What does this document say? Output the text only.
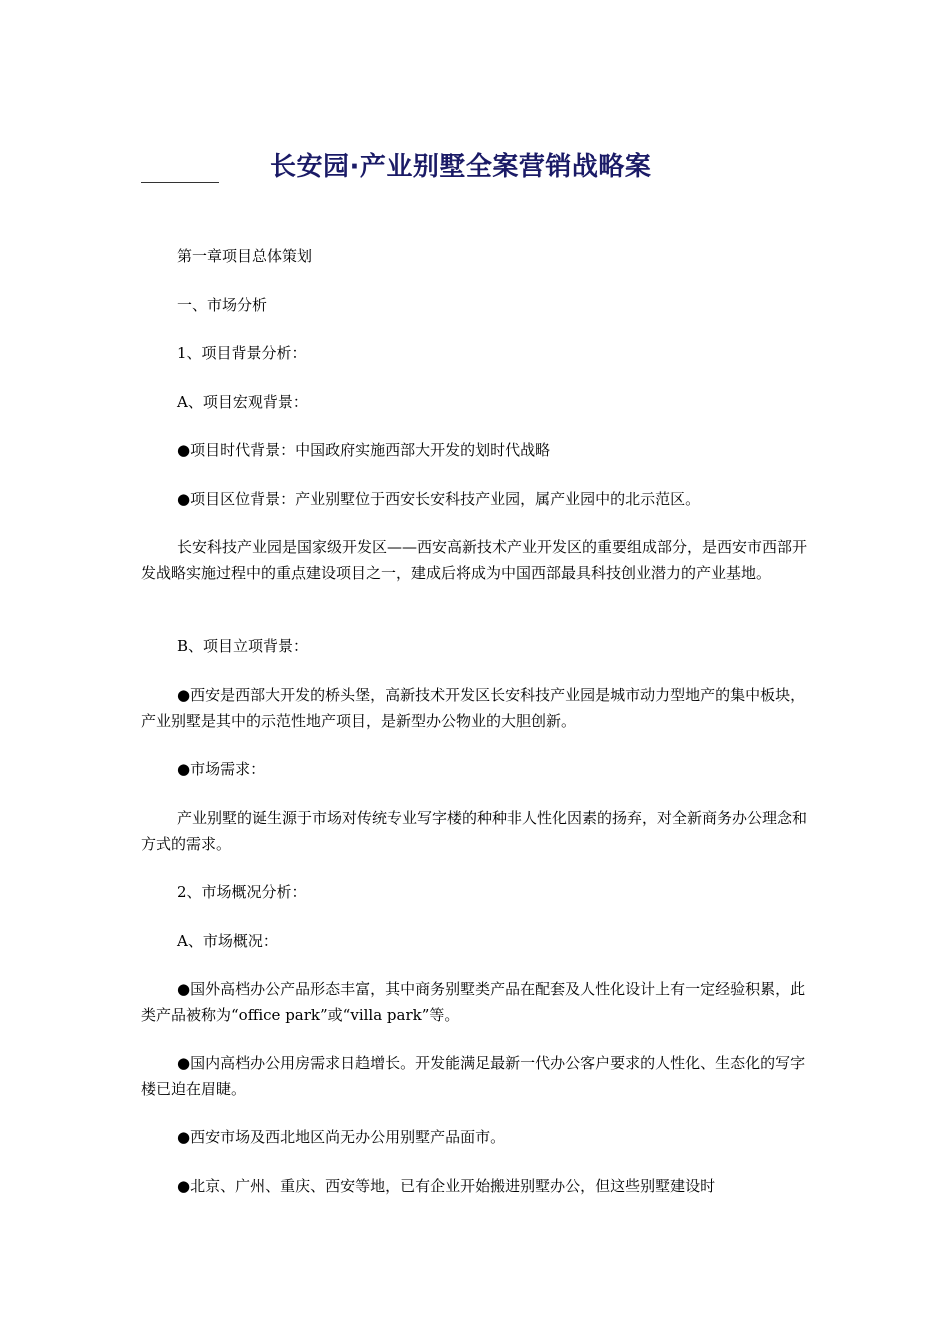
长安园·产业别墅全案营销战略案
第一章项目总体策划
一、市场分析
1、项目背景分析：
A、项目宏观背景：
●项目时代背景：中国政府实施西部大开发的划时代战略
●项目区位背景：产业别墅位于西安长安科技产业园，属产业园中的北示范区。
长安科技产业园是国家级开发区——西安高新技术产业开发区的重要组成部分，是西安市西部开发战略实施过程中的重点建设项目之一，建成后将成为中国西部最具科技创业潜力的产业基地。
B、项目立项背景：
●西安是西部大开发的桥头堡，高新技术开发区长安科技产业园是城市动力型地产的集中板块，产业别墅是其中的示范性地产项目，是新型办公物业的大胆创新。
●市场需求：
产业别墅的诞生源于市场对传统专业写字楼的种种非人性化因素的扬弃，对全新商务办公理念和方式的需求。
2、市场概况分析：
A、市场概况：
●国外高档办公产品形态丰富，其中商务别墅类产品在配套及人性化设计上有一定经验积累，此类产品被称为“office park”或“villa park”等。
●国内高档办公用房需求日趋增长。开发能满足最新一代办公客户要求的人性化、生态化的写字楼已迫在眉睫。
●西安市场及西北地区尚无办公用别墅产品面市。
●北京、广州、重庆、西安等地，已有企业开始搬进别墅办公，但这些别墅建设时
